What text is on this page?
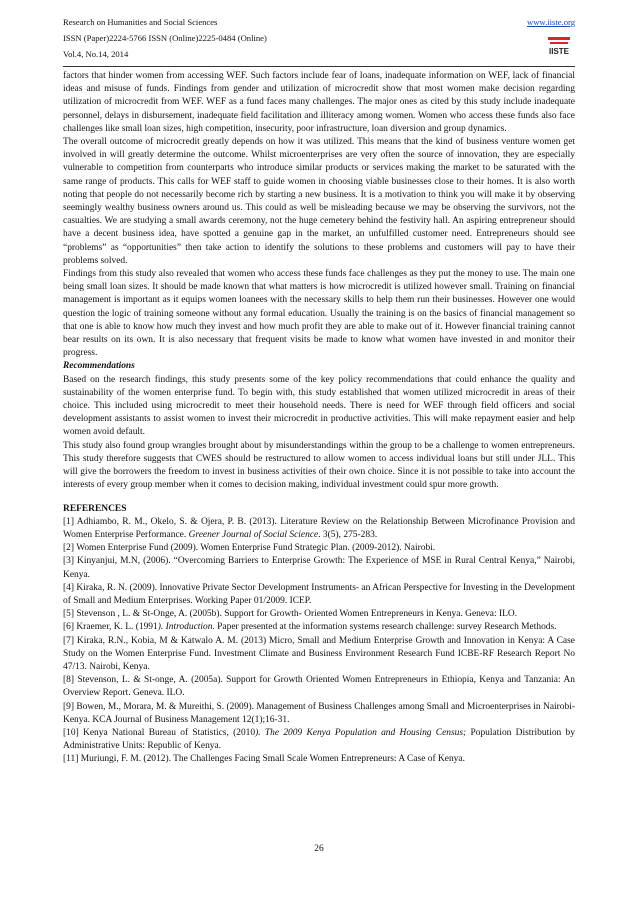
Research on Humanities and Social Sciences
ISSN (Paper)2224-5766 ISSN (Online)2225-0484 (Online)
Vol.4, No.14, 2014
www.iiste.org
IISTE

factors that hinder women from accessing WEF. Such factors include fear of loans, inadequate information on WEF, lack of financial ideas and misuse of funds. Findings from gender and utilization of microcredit show that most women make decision regarding utilization of microcredit from WEF. WEF as a fund faces many challenges. The major ones as cited by this study include inadequate personnel, delays in disbursement, inadequate field facilitation and illiteracy among women. Women who access these funds also face challenges like small loan sizes, high competition, insecurity, poor infrastructure, loan diversion and group dynamics.

The overall outcome of microcredit greatly depends on how it was utilized. This means that the kind of business venture women get involved in will greatly determine the outcome. Whilst microenterprises are very often the source of innovation, they are especially vulnerable to competition from counterparts who introduce similar products or services making the market to be saturated with the same range of products. This calls for WEF staff to guide women in choosing viable businesses close to their homes. It is also worth noting that people do not necessarily become rich by starting a new business. It is a motivation to think you will make it by observing seemingly wealthy business owners around us. This could as well be misleading because we may be observing the survivors, not the casualties. We are studying a small awards ceremony, not the huge cemetery behind the festivity hall. An aspiring entrepreneur should have a decent business idea, have spotted a genuine gap in the market, an unfulfilled customer need. Entrepreneurs should see “problems” as “opportunities” then take action to identify the solutions to these problems and customers will pay to have their problems solved.

Findings from this study also revealed that women who access these funds face challenges as they put the money to use. The main one being small loan sizes. It should be made known that what matters is how microcredit is utilized however small. Training on financial management is important as it equips women loanees with the necessary skills to help them run their businesses. However one would question the logic of training someone without any formal education. Usually the training is on the basics of financial management so that one is able to know how much they invest and how much profit they are able to make out of it. However financial training cannot bear results on its own. It is also necessary that frequent visits be made to know what women have invested in and monitor their progress.

Recommendations

Based on the research findings, this study presents some of the key policy recommendations that could enhance the quality and sustainability of the women enterprise fund. To begin with, this study established that women utilized microcredit in areas of their choice. This included using microcredit to meet their household needs. There is need for WEF through field officers and social development assistants to assist women to invest their microcredit in productive activities. This will make repayment easier and help women avoid default.

This study also found group wrangles brought about by misunderstandings within the group to be a challenge to women entrepreneurs. This study therefore suggests that CWES should be restructured to allow women to access individual loans but still under JLL. This will give the borrowers the freedom to invest in business activities of their own choice. Since it is not possible to take into account the interests of every group member when it comes to decision making, individual investment could spur more growth.

REFERENCES

[1] Adhiambo, R. M., Okelo, S. & Ojera, P. B. (2013). Literature Review on the Relationship Between Microfinance Provision and Women Enterprise Performance. Greener Journal of Social Science. 3(5), 275-283.

[2] Women Enterprise Fund (2009). Women Enterprise Fund Strategic Plan. (2009-2012). Nairobi.

[3] Kinyanjui, M.N, (2006). “Overcoming Barriers to Enterprise Growth: The Experience of MSE in Rural Central Kenya,” Nairobi, Kenya.

[4] Kiraka, R. N. (2009). Innovative Private Sector Development Instruments- an African Perspective for Investing in the Development of Small and Medium Enterprises. Working Paper 01/2009. ICEP.

[5] Stevenson , L. & St-Onge, A. (2005b). Support for Growth- Oriented Women Entrepreneurs in Kenya. Geneva: ILO.

[6] Kraemer, K. L. (1991). Introduction. Paper presented at the information systems research challenge: survey Research Methods.

[7] Kiraka, R.N., Kobia, M & Katwalo A. M. (2013) Micro, Small and Medium Enterprise Growth and Innovation in Kenya: A Case Study on the Women Enterprise Fund. Investment Climate and Business Environment Research Fund ICBE-RF Research Report No 47/13. Nairobi, Kenya.

[8] Stevenson, L. & St-onge, A. (2005a). Support for Growth Oriented Women Entrepreneurs in Ethiopia, Kenya and Tanzania: An Overview Report. Geneva. ILO.

[9] Bowen, M., Morara, M. & Mureithi, S. (2009). Management of Business Challenges among Small and Microenterprises in Nairobi-Kenya. KCA Journal of Business Management 12(1);16-31.

[10] Kenya National Bureau of Statistics, (2010). The 2009 Kenya Population and Housing Census; Population Distribution by Administrative Units: Republic of Kenya.

[11] Muriungi, F. M. (2012). The Challenges Facing Small Scale Women Entrepreneurs: A Case of Kenya.

26
